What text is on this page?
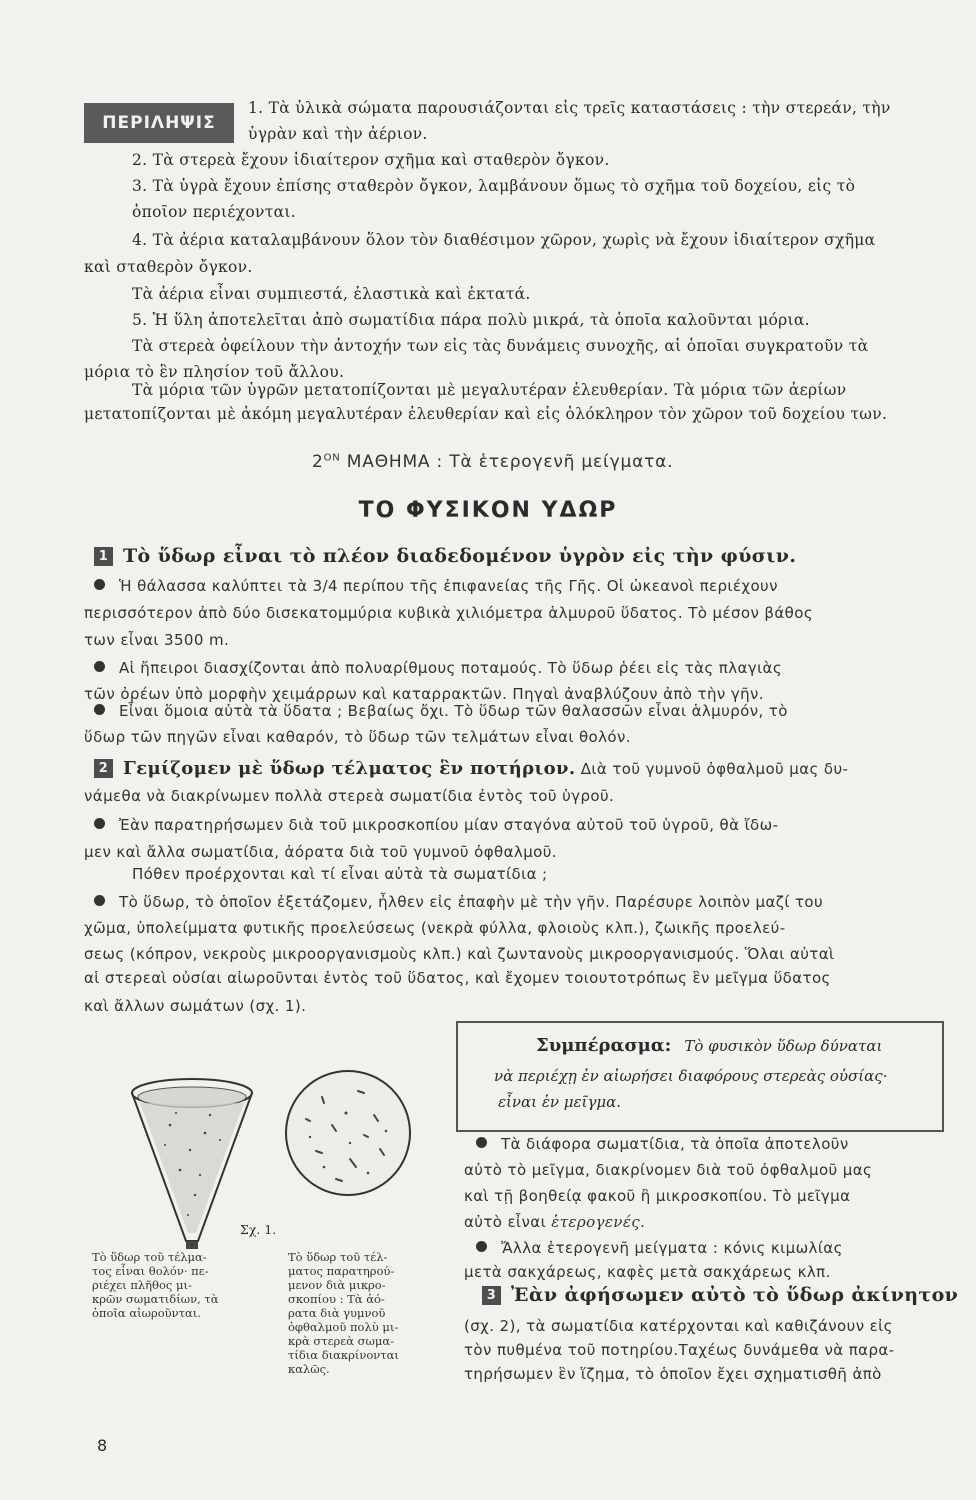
ΠΕΡΙΛΗΨΙΣ
1. Τὰ ὑλικὰ σώματα παρουσιάζονται εἰς τρεῖς καταστάσεις : τὴν στερεάν, τὴν
ὑγρὰν καὶ τὴν ἀέριον.
2. Τὰ στερεὰ ἔχουν ἰδιαίτερον σχῆμα καὶ σταθερὸν ὄγκον.
3. Τὰ ὑγρὰ ἔχουν ἐπίσης σταθερὸν ὄγκον, λαμβάνουν ὅμως τὸ σχῆμα τοῦ δοχείου, εἰς τὸ
ὁποῖον περιέχονται.
4. Τὰ ἀέρια καταλαμβάνουν ὅλον τὸν διαθέσιμον χῶρον, χωρὶς νὰ ἔχουν ἰδιαίτερον σχῆμα
καὶ σταθερὸν ὄγκον.
Τὰ ἀέρια εἶναι συμπιεστά, ἐλαστικὰ καὶ ἐκτατά.
5. Ἡ ὕλη ἀποτελεῖται ἀπὸ σωματίδια πάρα πολὺ μικρά, τὰ ὁποῖα καλοῦνται μόρια.
Τὰ στερεὰ ὀφείλουν τὴν ἀντοχήν των εἰς τὰς δυνάμεις συνοχῆς, αἱ ὁποῖαι συγκρατοῦν τὰ
μόρια τὸ ἓν πλησίον τοῦ ἄλλου.
Τὰ μόρια τῶν ὑγρῶν μετατοπίζονται μὲ μεγαλυτέραν ἐλευθερίαν. Τὰ μόρια τῶν ἀερίων
μετατοπίζονται μὲ ἀκόμη μεγαλυτέραν ἐλευθερίαν καὶ εἰς ὁλόκληρον τὸν χῶρον τοῦ δοχείου των.
$2^{ON}$ ΜΑΘΗΜΑ : Τὰ ἑτερογενῆ μείγματα.
ΤΟ ΦΥΣΙΚΟΝ ΥΔΩΡ
1 Τὸ ὕδωρ εἶναι τὸ πλέον διαδεδομένον ὑγρὸν εἰς τὴν φύσιν.
Ἡ θάλασσα καλύπτει τὰ 3/4 περίπου τῆς ἐπιφανείας τῆς Γῆς. Οἱ ὠκεανοὶ περιέχουν
περισσότερον ἀπὸ δύο δισεκατομμύρια κυβικὰ χιλιόμετρα ἁλμυροῦ ὕδατος. Τὸ μέσον βάθος
των εἶναι 3500 m.
Αἱ ἤπειροι διασχίζονται ἀπὸ πολυαρίθμους ποταμούς. Τὸ ὕδωρ ῥέει εἰς τὰς πλαγιὰς
τῶν ὀρέων ὑπὸ μορφὴν χειμάρρων καὶ καταρρακτῶν. Πηγαὶ ἀναβλύζουν ἀπὸ τὴν γῆν.
Εἶναι ὅμοια αὐτὰ τὰ ὕδατα ; Βεβαίως ὄχι. Τὸ ὕδωρ τῶν θαλασσῶν εἶναι ἁλμυρόν, τὸ
ὕδωρ τῶν πηγῶν εἶναι καθαρόν, τὸ ὕδωρ τῶν τελμάτων εἶναι θολόν.
2 Γεμίζομεν μὲ ὕδωρ τέλματος ἓν ποτήριον. Διὰ τοῦ γυμνοῦ ὀφθαλμοῦ μας δυ-
νάμεθα νὰ διακρίνωμεν πολλὰ στερεὰ σωματίδια ἐντὸς τοῦ ὑγροῦ.
Ἐὰν παρατηρήσωμεν διὰ τοῦ μικροσκοπίου μίαν σταγόνα αὐτοῦ τοῦ ὑγροῦ, θὰ ἴδω-
μεν καὶ ἄλλα σωματίδια, ἀόρατα διὰ τοῦ γυμνοῦ ὀφθαλμοῦ.
Πόθεν προέρχονται καὶ τί εἶναι αὐτὰ τὰ σωματίδια ;
Τὸ ὕδωρ, τὸ ὁποῖον ἐξετάζομεν, ἦλθεν εἰς ἐπαφὴν μὲ τὴν γῆν. Παρέσυρε λοιπὸν μαζί του
χῶμα, ὑπολείμματα φυτικῆς προελεύσεως (νεκρὰ φύλλα, φλοιοὺς κλπ.), ζωικῆς προελεύ-
σεως (κόπρον, νεκροὺς μικροοργανισμοὺς κλπ.) καὶ ζωντανοὺς μικροοργανισμούς. Ὅλαι αὐταὶ
αἱ στερεαὶ οὐσίαι αἰωροῦνται ἐντὸς τοῦ ὕδατος, καὶ ἔχομεν τοιουτοτρόπως ἓν μεῖγμα ὕδατος
καὶ ἄλλων σωμάτων (σχ. 1).
Συμπέρασμα: Τὸ φυσικὸν ὕδωρ δύναται
νὰ περιέχῃ ἐν αἰωρήσει διαφόρους στερεὰς οὐσίας·
εἶναι ἐν μεῖγμα.
Τὰ διάφορα σωματίδια, τὰ ὁποῖα ἀποτελοῦν
αὐτὸ τὸ μεῖγμα, διακρίνομεν διὰ τοῦ ὀφθαλμοῦ μας
καὶ τῇ βοηθείᾳ φακοῦ ἢ μικροσκοπίου. Τὸ μεῖγμα
αὐτὸ εἶναι ἑτερογενές.
Ἄλλα ἑτερογενῆ μείγματα : κόνις κιμωλίας
μετὰ σακχάρεως, καφὲς μετὰ σακχάρεως κλπ.
3 Ἐὰν ἀφήσωμεν αὐτὸ τὸ ὕδωρ ἀκίνητον
(σχ. 2), τὰ σωματίδια κατέρχονται καὶ καθιζάνουν εἰς
τὸν πυθμένα τοῦ ποτηρίου.Ταχέως δυνάμεθα νὰ παρα-
τηρήσωμεν ἓν ἵζημα, τὸ ὁποῖον ἔχει σχηματισθῆ ἀπὸ
Σχ. 1.
Τὸ ὕδωρ τοῦ τέλμα-
τος εἶναι θολόν· πε-
ριέχει πλῆθος μι-
κρῶν σωματιδίων, τὰ
ὁποῖα αἰωροῦνται.
Τὸ ὕδωρ τοῦ τέλ-
ματος παρατηρού-
μενον διὰ μικρο-
σκοπίου : Τὰ ἀό-
ρατα διὰ γυμνοῦ
ὀφθαλμοῦ πολὺ μι-
κρὰ στερεὰ σωμα-
τίδια διακρίνονται
καλῶς.
8
